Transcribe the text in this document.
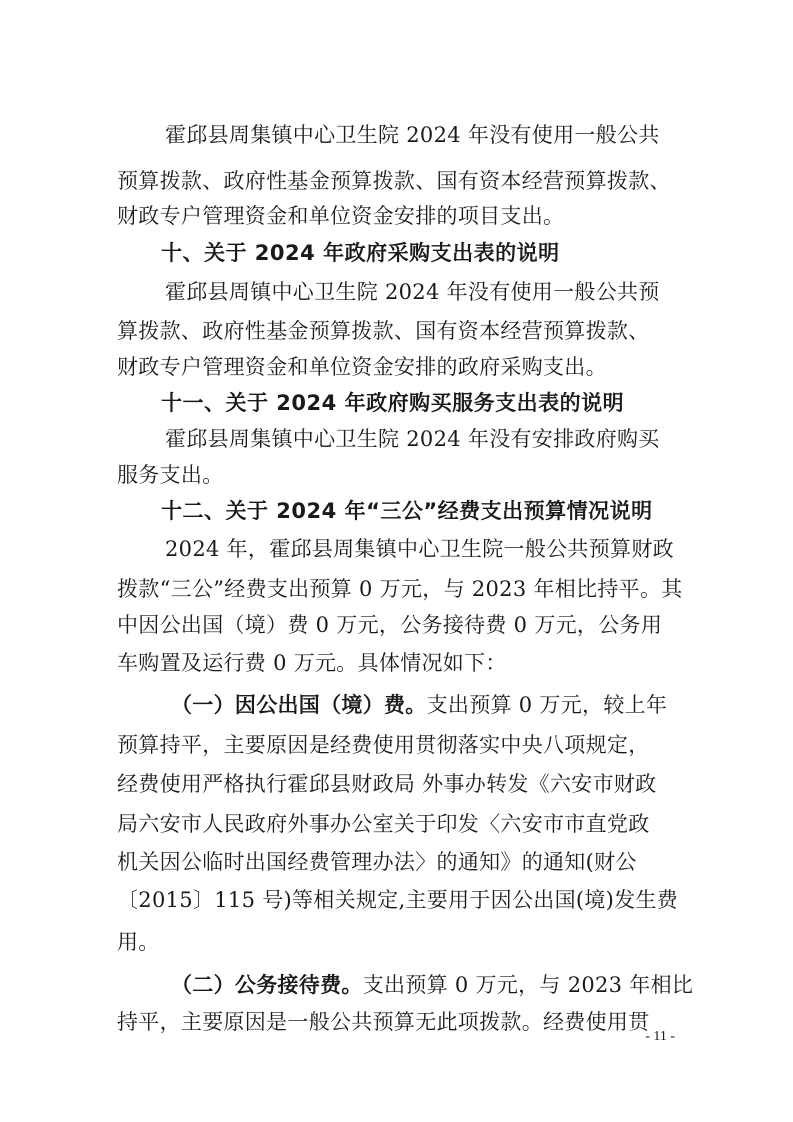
霍邱县周集镇中心卫生院 2024 年没有使用一般公共

预算拨款、政府性基金预算拨款、国有资本经营预算拨款、

财政专户管理资金和单位资金安排的项目支出。

十、关于 2024 年政府采购支出表的说明

霍邱县周镇中心卫生院 2024 年没有使用一般公共预

算拨款、政府性基金预算拨款、国有资本经营预算拨款、

财政专户管理资金和单位资金安排的政府采购支出。

十一、关于 2024 年政府购买服务支出表的说明

霍邱县周集镇中心卫生院 2024 年没有安排政府购买

服务支出。

十二、关于 2024 年“三公”经费支出预算情况说明

2024 年，霍邱县周集镇中心卫生院一般公共预算财政

拨款“三公”经费支出预算 0 万元，与 2023 年相比持平。其

中因公出国（境）费 0 万元，公务接待费 0 万元，公务用

车购置及运行费 0 万元。具体情况如下：

（一）因公出国（境）费。支出预算 0 万元，较上年

预算持平，主要原因是经费使用贯彻落实中央八项规定，

经费使用严格执行霍邱县财政局 外事办转发《六安市财政

局六安市人民政府外事办公室关于印发〈六安市市直党政

机关因公临时出国经费管理办法〉的通知》的通知(财公

〔2015〕115 号)等相关规定,主要用于因公出国(境)发生费

用。

（二）公务接待费。支出预算 0 万元，与 2023 年相比

持平，主要原因是一般公共预算无此项拨款。经费使用贯

- 11 -
